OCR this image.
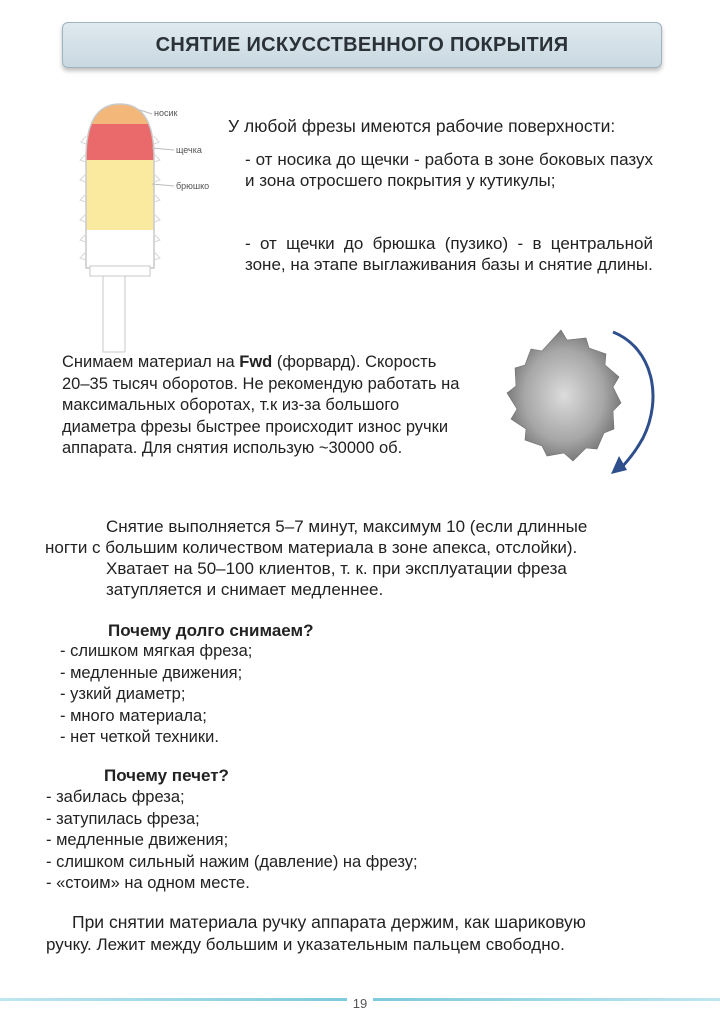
СНЯТИЕ ИСКУССТВЕННОГО ПОКРЫТИЯ
носик
щечка
брюшко
У любой фрезы имеются рабочие поверхности:
- от носика до щечки - работа в зоне боковых пазух и зона отросшего покрытия у кутикулы;
- от щечки до брюшка (пузико) - в центральной зоне, на этапе выглаживания базы и снятие длины.
Снимаем материал на Fwd (форвард). Скорость 20–35 тысяч оборотов. Не рекомендую работать на максимальных оборотах, т.к из-за большого диаметра фрезы быстрее происходит износ ручки аппарата. Для снятия использую ~30000 об.
Снятие выполняется 5–7 минут, максимум 10 (если длинные
ногти с большим количеством материала в зоне апекса, отслойки).
Хватает на 50–100 клиентов, т. к. при эксплуатации фреза
затупляется и снимает медленнее.
Почему долго снимаем?
- слишком мягкая фреза;
- медленные движения;
- узкий диаметр;
- много материала;
- нет четкой техники.
Почему печет?
- забилась фреза;
- затупилась фреза;
- медленные движения;
- слишком сильный нажим (давление) на фрезу;
- «стоим» на одном месте.
При снятии материала ручку аппарата держим, как шариковую
ручку. Лежит между большим и указательным пальцем свободно.
19
